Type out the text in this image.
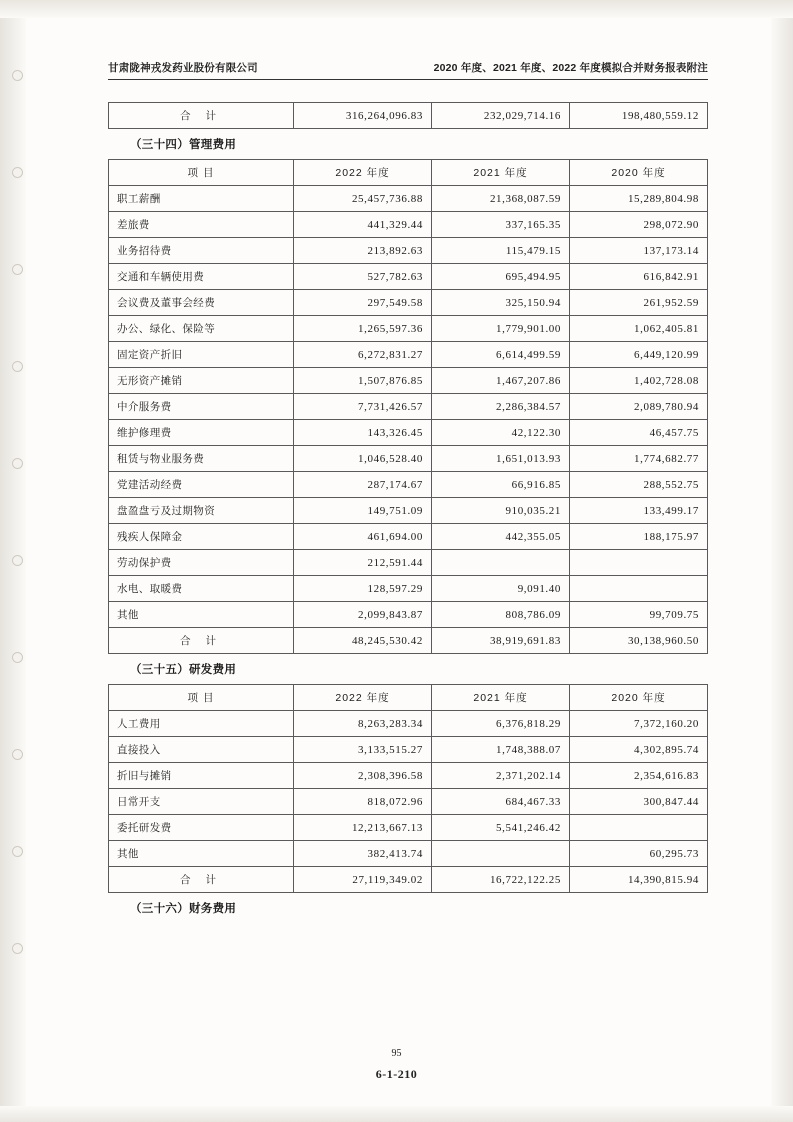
甘肃陇神戎发药业股份有限公司	2020 年度、2021 年度、2022 年度模拟合并财务报表附注
合 计	316,264,096.83	232,029,714.16	198,480,559.12
（三十四）管理费用
项 目	2022 年度	2021 年度	2020 年度
职工薪酬	25,457,736.88	21,368,087.59	15,289,804.98
差旅费	441,329.44	337,165.35	298,072.90
业务招待费	213,892.63	115,479.15	137,173.14
交通和车辆使用费	527,782.63	695,494.95	616,842.91
会议费及董事会经费	297,549.58	325,150.94	261,952.59
办公、绿化、保险等	1,265,597.36	1,779,901.00	1,062,405.81
固定资产折旧	6,272,831.27	6,614,499.59	6,449,120.99
无形资产摊销	1,507,876.85	1,467,207.86	1,402,728.08
中介服务费	7,731,426.57	2,286,384.57	2,089,780.94
维护修理费	143,326.45	42,122.30	46,457.75
租赁与物业服务费	1,046,528.40	1,651,013.93	1,774,682.77
党建活动经费	287,174.67	66,916.85	288,552.75
盘盈盘亏及过期物资	149,751.09	910,035.21	133,499.17
残疾人保障金	461,694.00	442,355.05	188,175.97
劳动保护费	212,591.44		
水电、取暖费	128,597.29	9,091.40	
其他	2,099,843.87	808,786.09	99,709.75
合 计	48,245,530.42	38,919,691.83	30,138,960.50
（三十五）研发费用
项 目	2022 年度	2021 年度	2020 年度
人工费用	8,263,283.34	6,376,818.29	7,372,160.20
直接投入	3,133,515.27	1,748,388.07	4,302,895.74
折旧与摊销	2,308,396.58	2,371,202.14	2,354,616.83
日常开支	818,072.96	684,467.33	300,847.44
委托研发费	12,213,667.13	5,541,246.42	
其他	382,413.74		60,295.73
合 计	27,119,349.02	16,722,122.25	14,390,815.94
（三十六）财务费用
95
6-1-210
